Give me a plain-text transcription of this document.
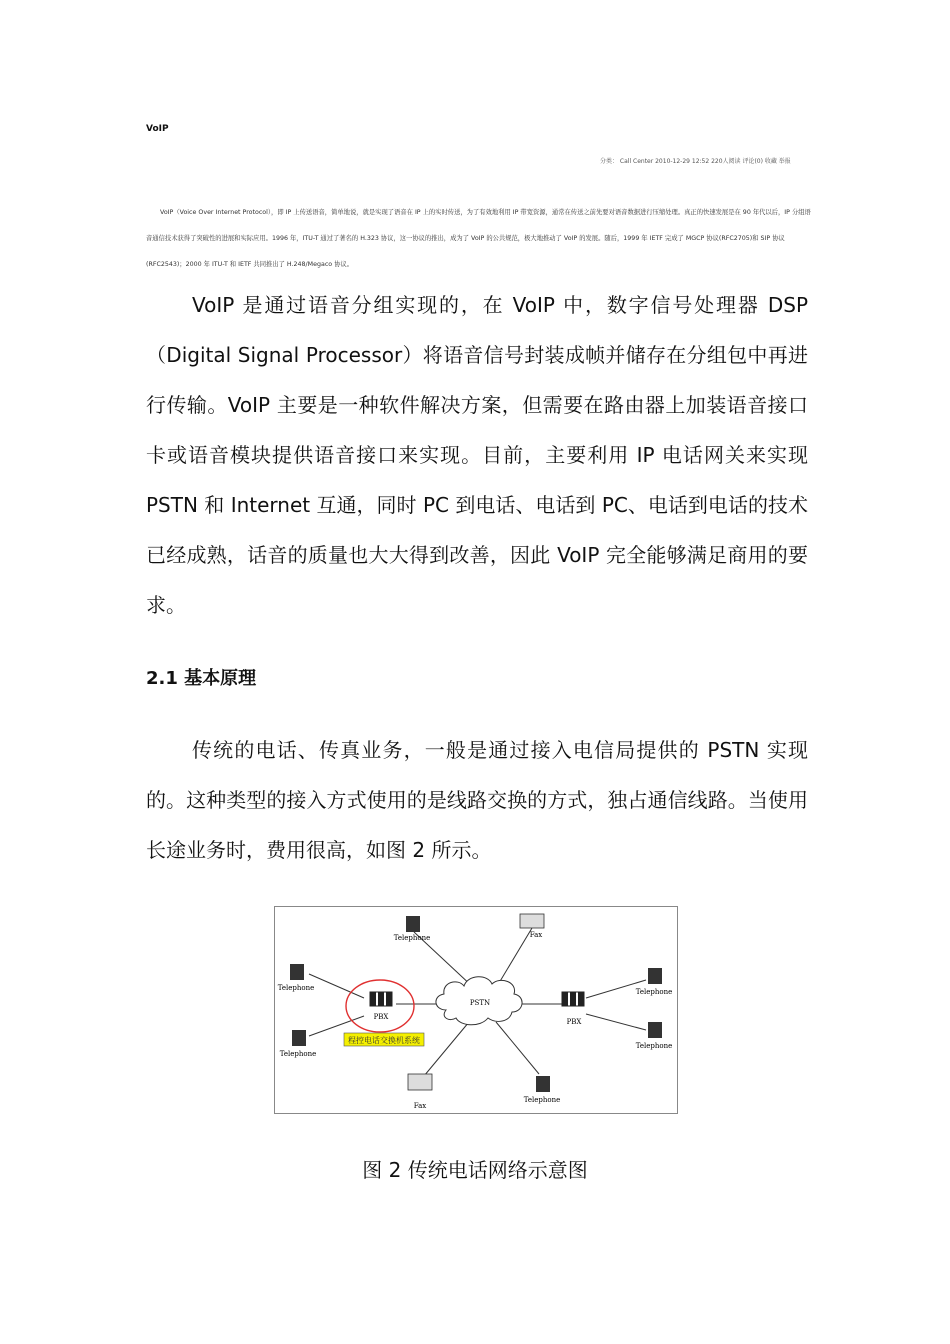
VoIP
分类： Call Center 2010-12-29 12:52 220人阅读 评论(0) 收藏 举报

VoIP（Voice Over Internet Protocol），即 IP 上传送语音，简单地说，就是实现了语音在 IP 上的实时传送，为了有效地利用 IP 带宽资源，通常在传送之前先要对语音数据进行压缩处理。真正的快速发展是在 90 年代以后，IP 分组语音通信技术获得了突破性的进展和实际应用。1996 年，ITU-T 通过了著名的 H.323 协议，这一协议的推出，成为了 VoIP 的公共规范，极大地推动了 VoIP 的发展。随后，1999 年 IETF 完成了 MGCP 协议(RFC2705)和 SIP 协议(RFC2543)；2000 年 ITU-T 和 IETF 共同推出了 H.248/Megaco 协议。

VoIP 是通过语音分组实现的，在 VoIP 中，数字信号处理器 DSP（Digital Signal Processor）将语音信号封装成帧并储存在分组包中再进行传输。VoIP 主要是一种软件解决方案，但需要在路由器上加装语音接口卡或语音模块提供语音接口来实现。目前，主要利用 IP 电话网关来实现 PSTN 和 Internet 互通，同时 PC 到电话、电话到 PC、电话到电话的技术已经成熟，话音的质量也大大得到改善，因此 VoIP 完全能够满足商用的要求。

2.1 基本原理

传统的电话、传真业务，一般是通过接入电信局提供的 PSTN 实现的。这种类型的接入方式使用的是线路交换的方式，独占通信线路。当使用长途业务时，费用很高，如图 2 所示。

PSTN
PBX
程控电话交换机系统
PBX
Telephone	Fax
Telephone
Telephone
Telephone
Telephone
Fax
Telephone
图 2 传统电话网络示意图
